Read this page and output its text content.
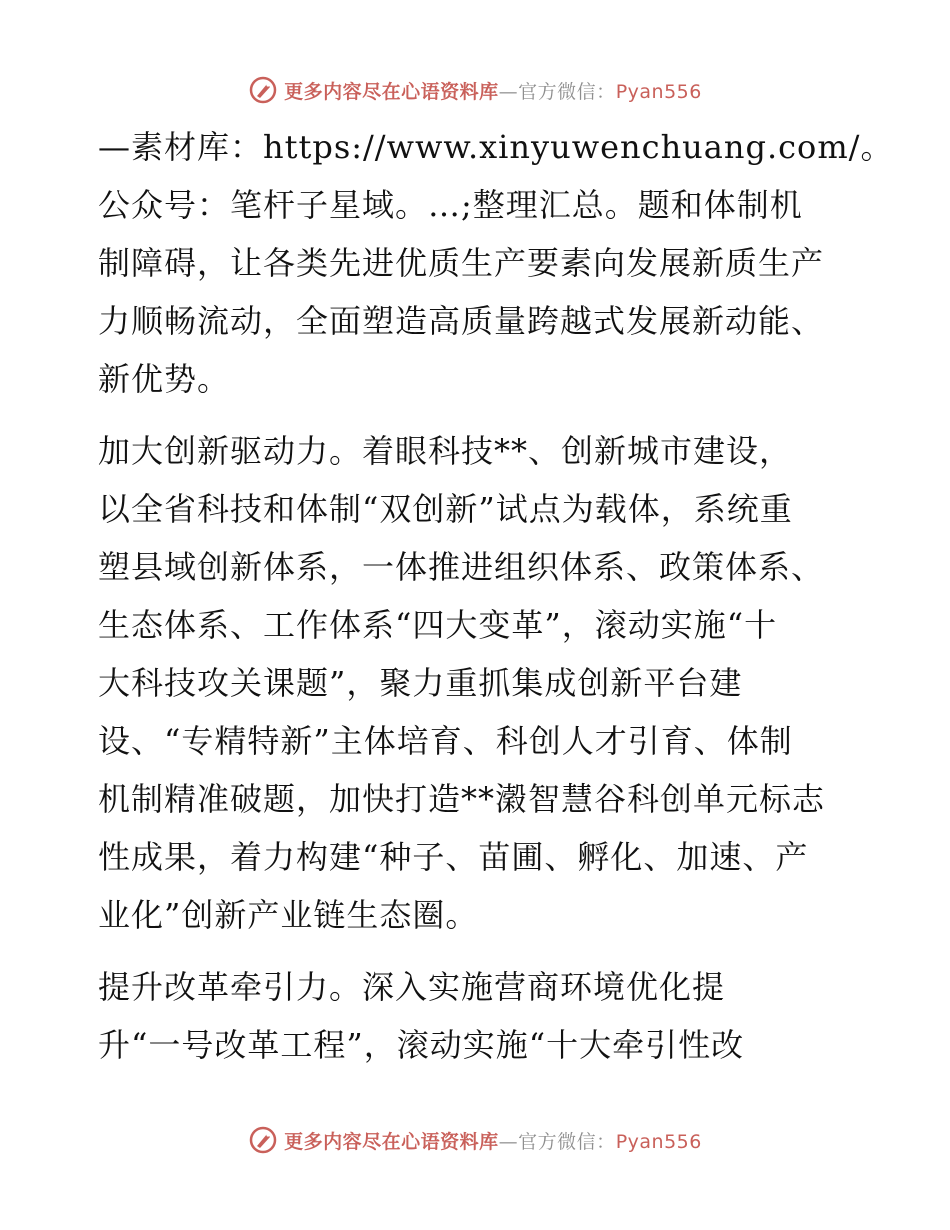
更多内容尽在心语资料库—官方微信：Pyan556

—素材库：https://www.xinyuwenchuang.com/。
公众号：笔杆子星域。…;整理汇总。题和体制机
制障碍，让各类先进优质生产要素向发展新质生产
力顺畅流动，全面塑造高质量跨越式发展新动能、
新优势。

加大创新驱动力。着眼科技**、创新城市建设，
以全省科技和体制“双创新”试点为载体，系统重
塑县域创新体系，一体推进组织体系、政策体系、
生态体系、工作体系“四大变革”，滚动实施“十
大科技攻关课题”，聚力重抓集成创新平台建
设、“专精特新”主体培育、科创人才引育、体制
机制精准破题，加快打造**濲智慧谷科创单元标志
性成果，着力构建“种子、苗圃、孵化、加速、产
业化”创新产业链生态圈。

提升改革牵引力。深入实施营商环境优化提
升“一号改革工程”，滚动实施“十大牵引性改

更多内容尽在心语资料库—官方微信：Pyan556
